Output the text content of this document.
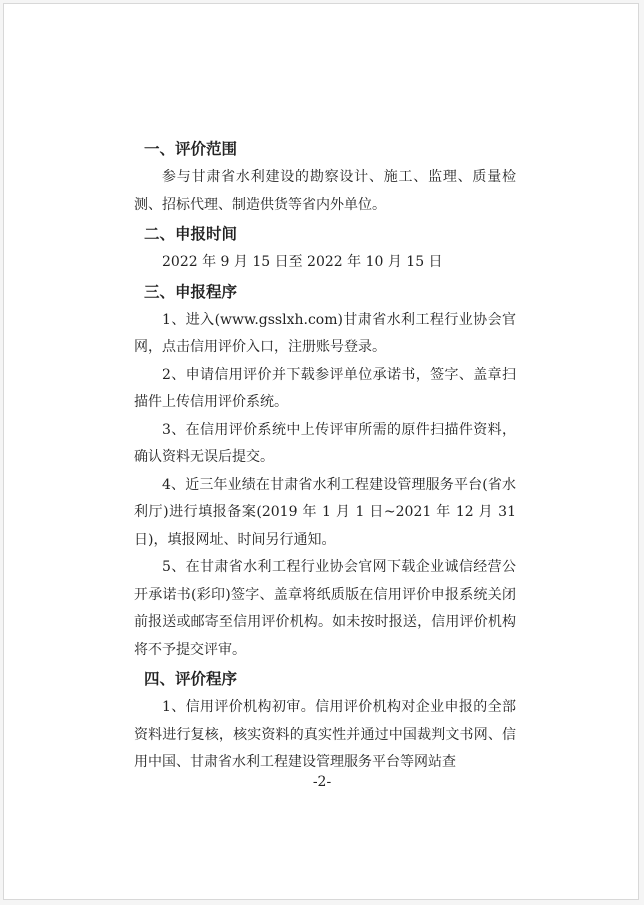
一、评价范围

参与甘肃省水利建设的勘察设计、施工、监理、质量检测、招标代理、制造供货等省内外单位。

二、申报时间

2022 年 9 月 15 日至 2022 年 10 月 15 日

三、申报程序

1、进入(www.gsslxh.com)甘肃省水利工程行业协会官网，点击信用评价入口，注册账号登录。

2、申请信用评价并下载参评单位承诺书，签字、盖章扫描件上传信用评价系统。

3、在信用评价系统中上传评审所需的原件扫描件资料，确认资料无误后提交。

4、近三年业绩在甘肃省水利工程建设管理服务平台(省水利厅)进行填报备案(2019 年 1 月 1 日~2021 年 12 月 31 日)，填报网址、时间另行通知。

5、在甘肃省水利工程行业协会官网下载企业诚信经营公开承诺书(彩印)签字、盖章将纸质版在信用评价申报系统关闭前报送或邮寄至信用评价机构。如未按时报送，信用评价机构将不予提交评审。

四、评价程序

1、信用评价机构初审。信用评价机构对企业申报的全部资料进行复核，核实资料的真实性并通过中国裁判文书网、信用中国、甘肃省水利工程建设管理服务平台等网站查

-2-
